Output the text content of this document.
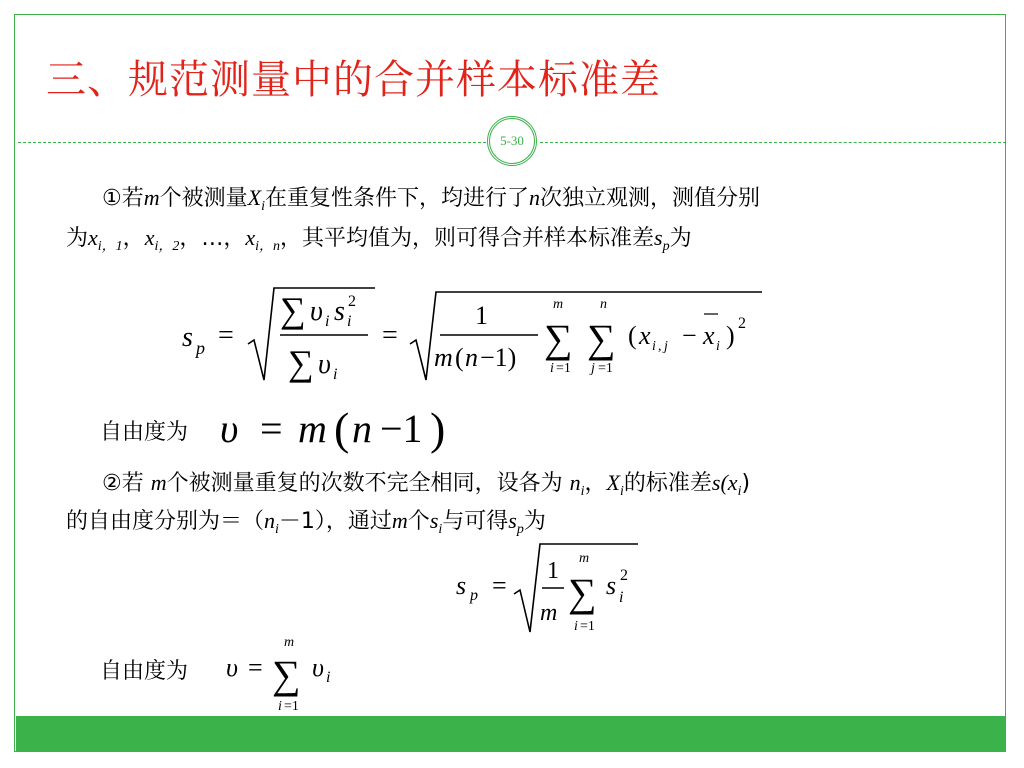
三、规范测量中的合并样本标准差
5-30
①若m个被测量$X_i$在重复性条件下，均进行了n次独立观测，测值分别
为$x_{i,1}$，$x_{i,2}$，…，$x_{i,n}$，其平均值为，则可得合并样本标准差$s_p$为
s p =
∑ υ i s 2
i
∑ υ i
=
1
m ( n −1)
m
∑
i =1
n
∑
j =1
( x i , j − x i ) 2
自由度为 υ = m ( n −1 )
②若 m个被测量重复的次数不完全相同，设各为 $n_i$，$X_i$的标准差$s(x_i)$
的自由度分别为$=(n_i-1)$，通过m个$s_i$与可得$s_p$为
s p = 1
m
m
∑
i =1
s 2
i
自由度为 υ =
m
∑
i =1
υ i
